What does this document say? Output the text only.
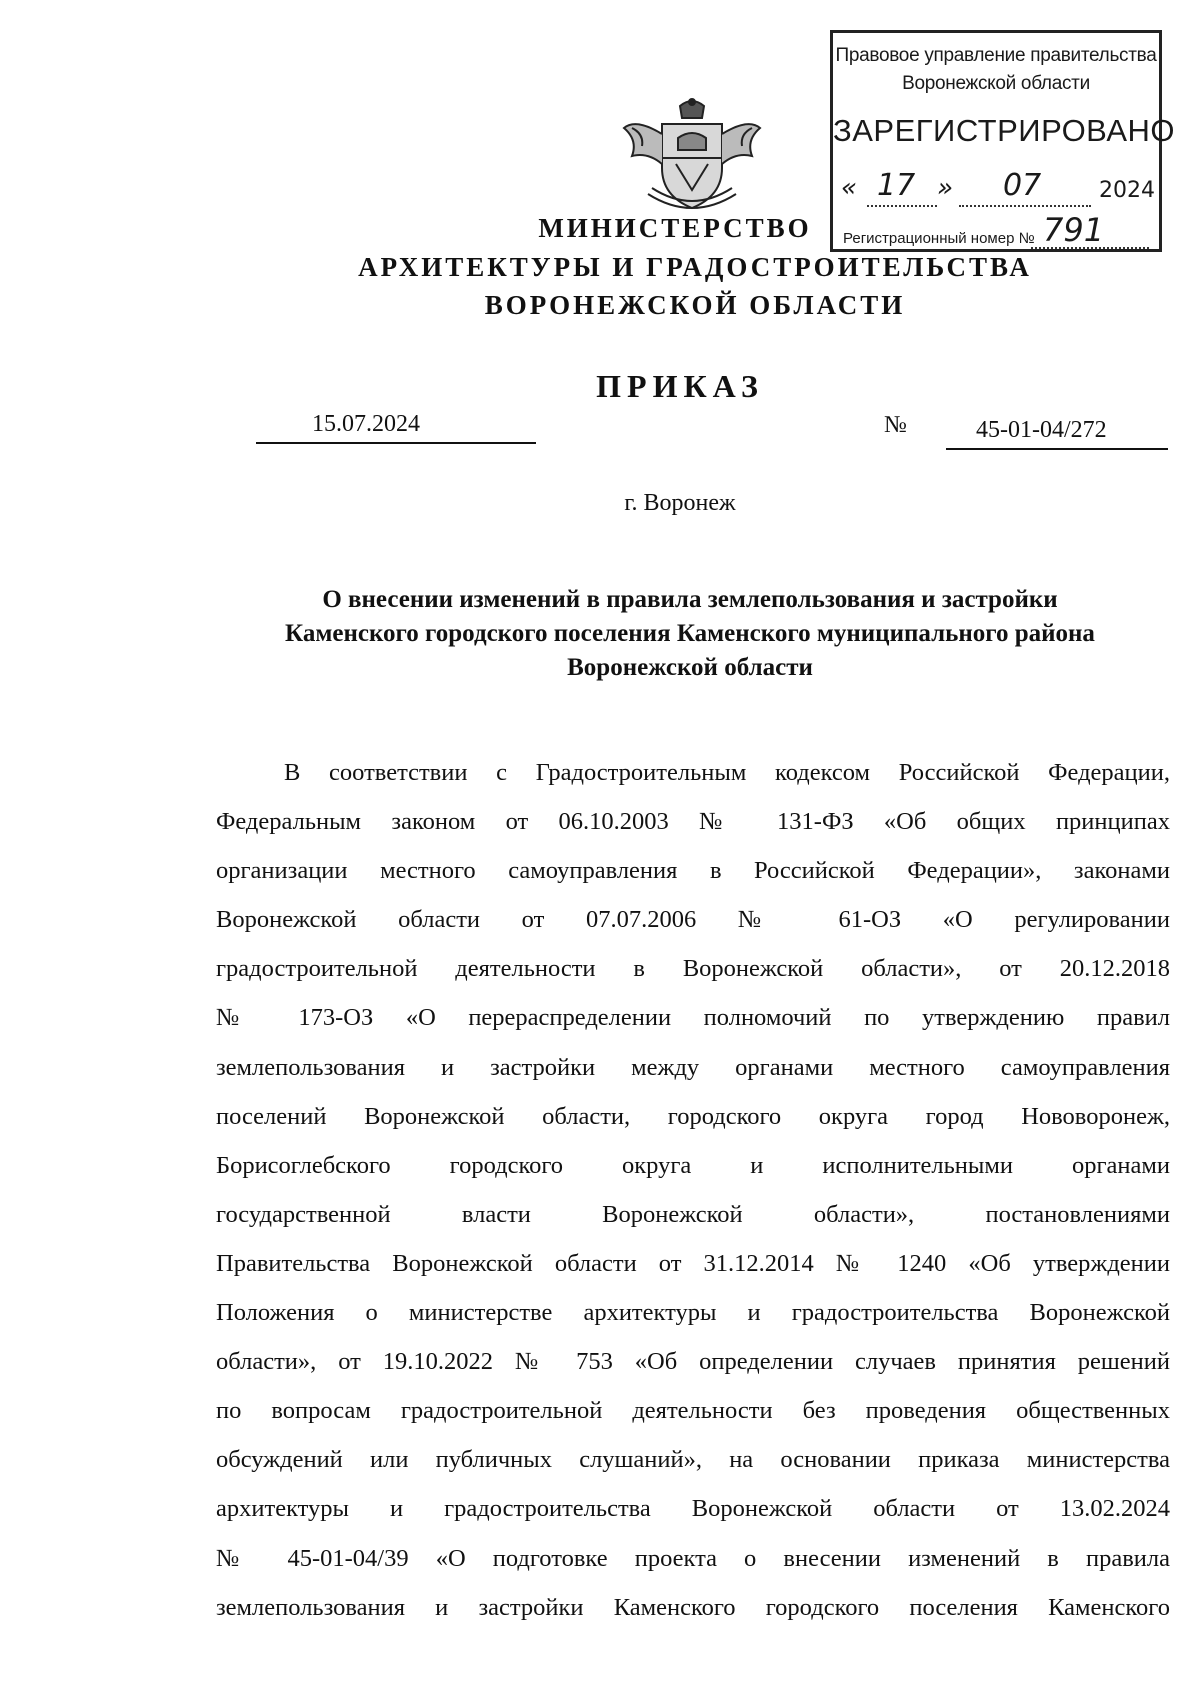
Правовое управление правительства
Воронежской области
ЗАРЕГИСТРИРОВАНО
« 17 » 07	2024
Регистрационный номер № 791
МИНИСТЕРСТВО
АРХИТЕКТУРЫ И ГРАДОСТРОИТЕЛЬСТВА
ВОРОНЕЖСКОЙ ОБЛАСТИ
ПРИКАЗ
15.07.2024	№	45-01-04/272
г. Воронеж
О внесении изменений в правила землепользования и застройки
Каменского городского поселения Каменского муниципального района
Воронежской области
В соответствии с Градостроительным кодексом Российской Федерации,
Федеральным законом от 06.10.2003 № 131-ФЗ «Об общих принципах
организации местного самоуправления в Российской Федерации», законами
Воронежской области от 07.07.2006 № 61-ОЗ «О регулировании
градостроительной деятельности в Воронежской области», от 20.12.2018
№ 173-ОЗ «О перераспределении полномочий по утверждению правил
землепользования и застройки между органами местного самоуправления
поселений Воронежской области, городского округа город Нововоронеж,
Борисоглебского городского округа и исполнительными органами
государственной власти Воронежской области», постановлениями
Правительства Воронежской области от 31.12.2014 № 1240 «Об утверждении
Положения о министерстве архитектуры и градостроительства Воронежской
области», от 19.10.2022 № 753 «Об определении случаев принятия решений
по вопросам градостроительной деятельности без проведения общественных
обсуждений или публичных слушаний», на основании приказа министерства
архитектуры и градостроительства Воронежской области от 13.02.2024
№ 45-01-04/39 «О подготовке проекта о внесении изменений в правила
землепользования и застройки Каменского городского поселения Каменского
